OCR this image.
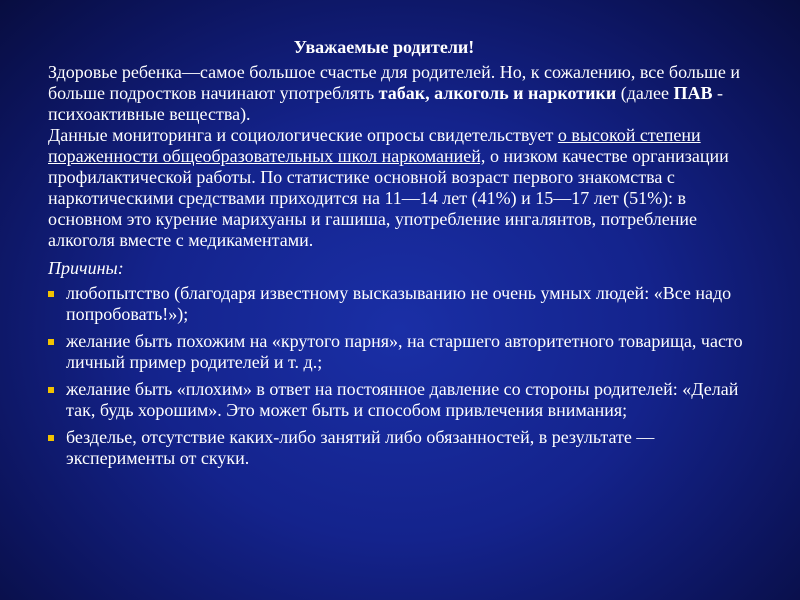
Уважаемые родители!

Здоровье ребенка—самое большое счастье для родителей. Но, к сожалению, все больше и больше подростков начинают употреблять табак, алкоголь и наркотики (далее ПАВ - психоактивные вещества).

Данные мониторинга и социологические опросы свидетельствует о высокой степени пораженности общеобразовательных школ наркоманией, о низком качестве организации профилактической работы. По статистике основной возраст первого знакомства с наркотическими средствами приходится на 11—14 лет (41%) и 15—17 лет (51%): в основном это курение марихуаны и гашиша, употребление ингалянтов, потребление алкоголя вместе с медикаментами.

Причины:
любопытство (благодаря известному высказыванию не очень умных людей: «Все надо попробовать!»);
желание быть похожим на «крутого парня», на старшего авторитетного товарища, часто личный пример родителей и т. д.;
желание быть «плохим» в ответ на постоянное давление со стороны родителей: «Делай так, будь хорошим». Это может быть и способом привлечения внимания;
безделье, отсутствие каких-либо занятий либо обязанностей, в результате — эксперименты от скуки.
